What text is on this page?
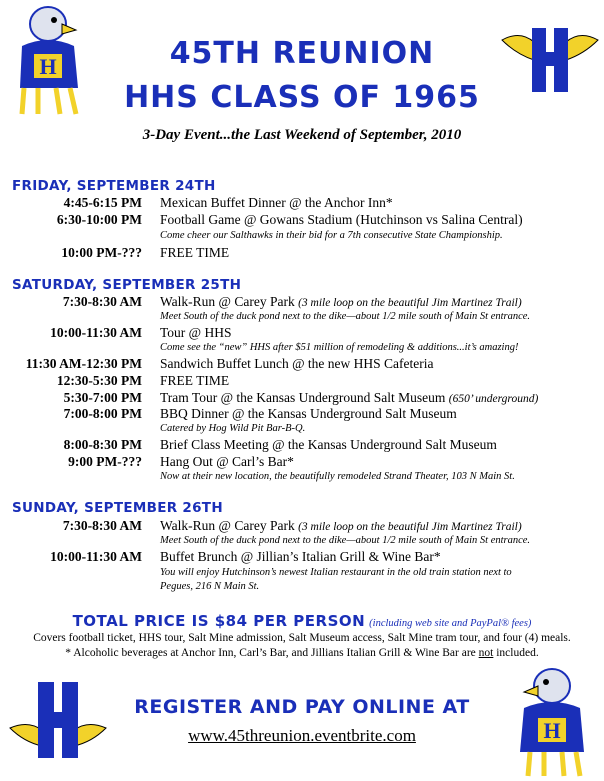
H	45TH REUNION
HHS CLASS OF 1965
3-Day Event...the Last Weekend of September, 2010
FRIDAY, SEPTEMBER 24TH
4:45-6:15 PM Mexican Buffet Dinner @ the Anchor Inn*
6:30-10:00 PM Football Game @ Gowans Stadium (Hutchinson vs Salina Central)
Come cheer our Salthawks in their bid for a 7th consecutive State Championship.
10:00 PM-??? FREE TIME
SATURDAY, SEPTEMBER 25TH
7:30-8:30 AM Walk-Run @ Carey Park (3 mile loop on the beautiful Jim Martinez Trail)
Meet South of the duck pond next to the dike—about 1/2 mile south of Main St entrance.
10:00-11:30 AM Tour @ HHS
Come see the “new” HHS after $51 million of remodeling & additions...it’s amazing!
11:30 AM-12:30 PM Sandwich Buffet Lunch @ the new HHS Cafeteria
12:30-5:30 PM FREE TIME
5:30-7:00 PM Tram Tour @ the Kansas Underground Salt Museum (650’ underground)
7:00-8:00 PM BBQ Dinner @ the Kansas Underground Salt Museum
Catered by Hog Wild Pit Bar-B-Q.
8:00-8:30 PM Brief Class Meeting @ the Kansas Underground Salt Museum
9:00 PM-??? Hang Out @ Carl’s Bar*
Now at their new location, the beautifully remodeled Strand Theater, 103 N Main St.
SUNDAY, SEPTEMBER 26TH
7:30-8:30 AM Walk-Run @ Carey Park (3 mile loop on the beautiful Jim Martinez Trail)
Meet South of the duck pond next to the dike—about 1/2 mile south of Main St entrance.
10:00-11:30 AM Buffet Brunch @ Jillian’s Italian Grill & Wine Bar*
You will enjoy Hutchinson’s newest Italian restaurant in the old train station next to
Pegues, 216 N Main St.
TOTAL PRICE IS $84 PER PERSON (including web site and PayPal® fees)
Covers football ticket, HHS tour, Salt Mine admission, Salt Museum access, Salt Mine tram tour, and four (4) meals.
* Alcoholic beverages at Anchor Inn, Carl’s Bar, and Jillians Italian Grill & Wine Bar are not included.
REGISTER AND PAY ONLINE AT
www.45threunion.eventbrite.com	H
